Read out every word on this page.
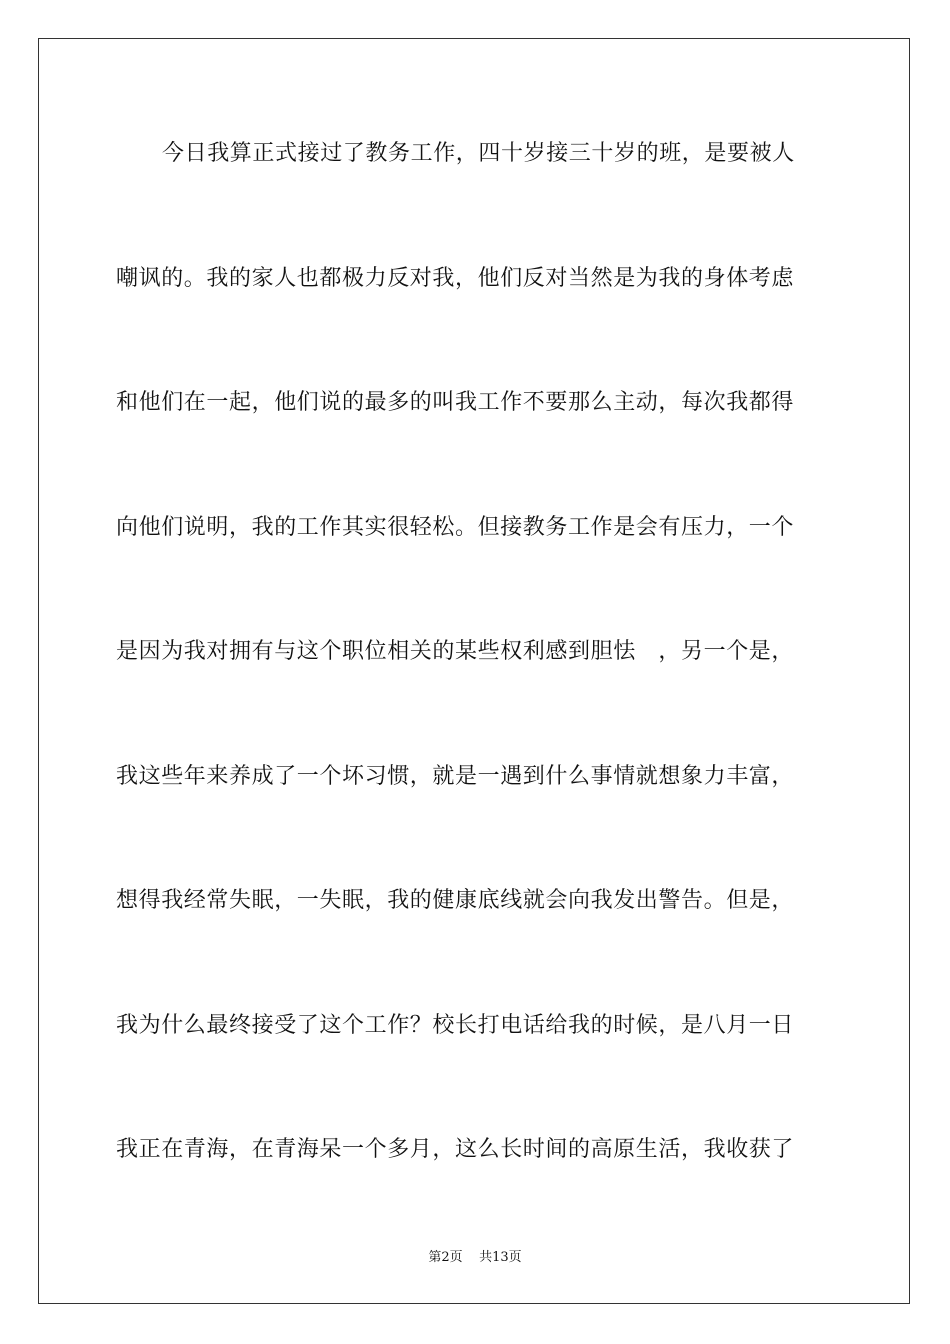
今日我算正式接过了教务工作，四十岁接三十岁的班，是要被人
嘲讽的。我的家人也都极力反对我，他们反对当然是为我的身体考虑
和他们在一起，他们说的最多的叫我工作不要那么主动，每次我都得
向他们说明，我的工作其实很轻松。但接教务工作是会有压力，一个
是因为我对拥有与这个职位相关的某些权利感到胆怯　，另一个是，
我这些年来养成了一个坏习惯，就是一遇到什么事情就想象力丰富，
想得我经常失眠，一失眠，我的健康底线就会向我发出警告。但是，
我为什么最终接受了这个工作？校长打电话给我的时候，是八月一日
我正在青海，在青海呆一个多月，这么长时间的高原生活，我收获了
第2页 共13页
